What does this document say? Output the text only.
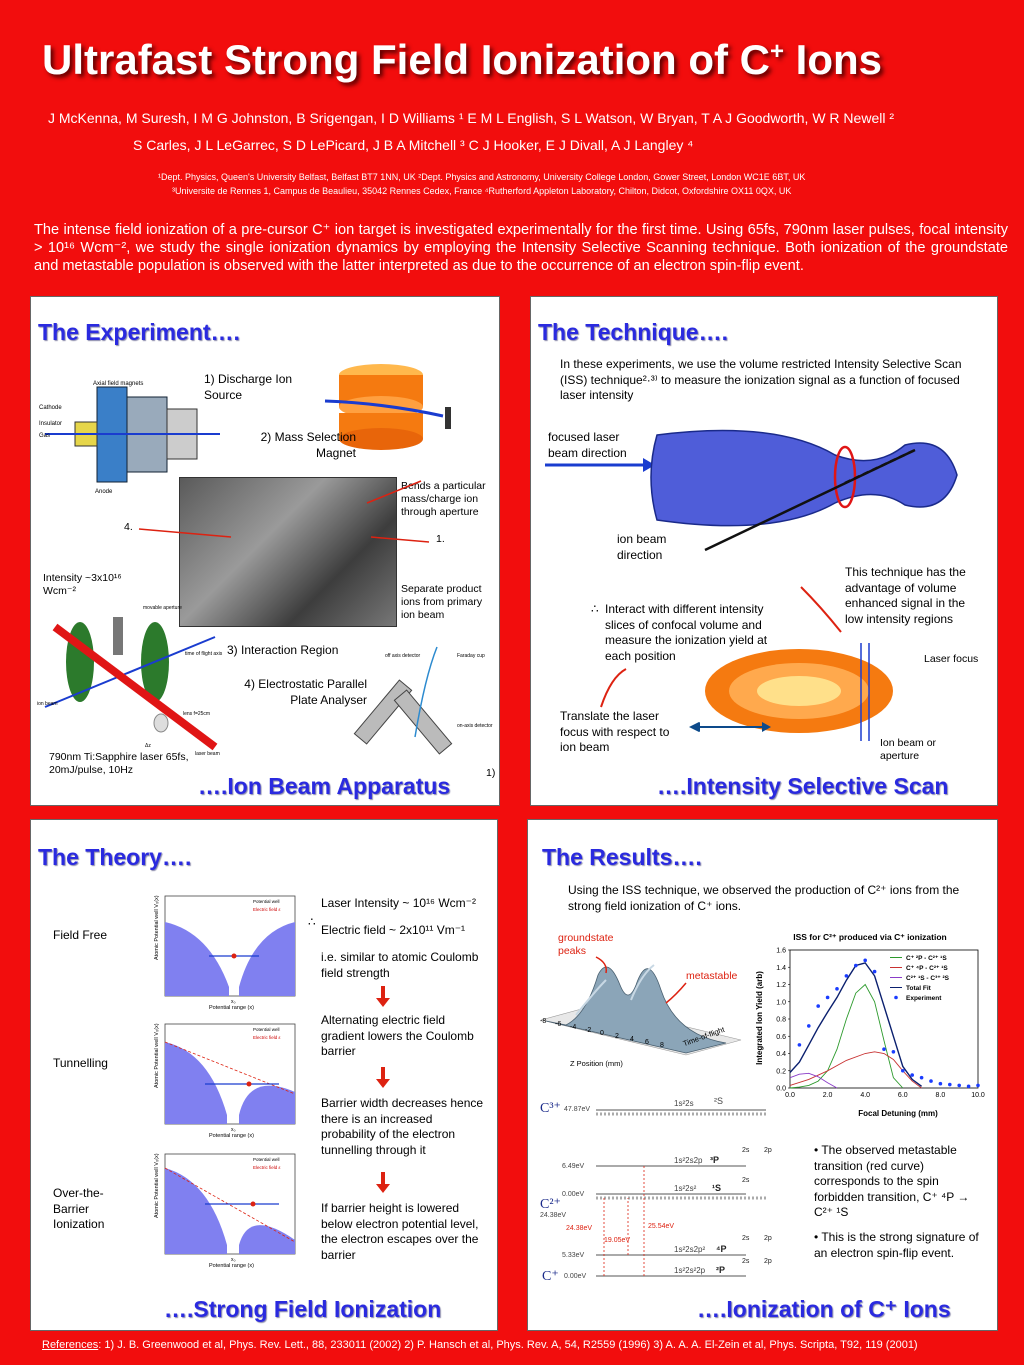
Ultrafast Strong Field Ionization of C+ Ions
J McKenna, M Suresh, I M G Johnston, B Srigengan, I D Williams ¹ E M L English, S L Watson, W Bryan, T A J Goodworth, W R Newell ²
S Carles, J L LeGarrec, S D LePicard, J B A Mitchell ³ C J Hooker, E J Divall, A J Langley ⁴
¹Dept. Physics, Queen's University Belfast, Belfast BT7 1NN, UK ²Dept. Physics and Astronomy, University College London, Gower Street, London WC1E 6BT, UK
³Universite de Rennes 1, Campus de Beaulieu, 35042 Rennes Cedex, France ⁴Rutherford Appleton Laboratory, Chilton, Didcot, Oxfordshire OX11 0QX, UK
The intense field ionization of a pre-cursor C⁺ ion target is investigated experimentally for the first time. Using 65fs, 790nm laser pulses, focal intensity > 10¹⁶ Wcm⁻², we study the single ionization dynamics by employing the Intensity Selective Scanning technique. Both ionization of the groundstate and metastable population is observed with the latter interpreted as due to the occurrence of an electron spin-flip event.
The Experiment….
Cathode
Axial field magnets
Insulator
Gas
Anode
1) Discharge Ion Source
2) Mass Selection Magnet
Bends a particular mass/charge ion through aperture
4.
1.
Separate product ions from primary ion beam
Intensity ~3x10¹⁶ Wcm⁻²
movable aperture
time of flight axis
ion beam
lens f=25cm
Δz
laser beam
3) Interaction Region
4) Electrostatic Parallel Plate Analyser
off axis detector	Faraday cup
on-axis detector
790nm Ti:Sapphire laser 65fs, 20mJ/pulse, 10Hz	1)
….Ion Beam Apparatus
The Technique….
In these experiments, we use the volume restricted Intensity Selective Scan (ISS) technique²·³⁾ to measure the ionization signal as a function of focused laser intensity
focused laser beam direction
ion beam direction
∴ Interact with different intensity slices of confocal volume and measure the ionization yield at each position
This technique has the advantage of volume enhanced signal in the low intensity regions
Laser focus
Translate the laser focus with respect to ion beam	Ion beam or aperture
….Intensity Selective Scan
The Theory….
Field Free
Tunnelling
Over-the-Barrier Ionization
Atomic Potential well V₀(x)
x₀
Potential range (x)
Potential well
Electric field ε
Atomic Potential well V₀(x)
x₀
Potential range (x)
Potential well
Electric field ε
Atomic Potential well V₀(x)
x₀
Potential range (x)
Potential well
Electric field ε
Laser Intensity ~ 10¹⁶ Wcm⁻²
∴
Electric field ~ 2x10¹¹ Vm⁻¹
i.e. similar to atomic Coulomb field strength
Alternating electric field gradient lowers the Coulomb barrier
Barrier width decreases hence there is an increased probability of the electron tunnelling through it
If barrier height is lowered below electron potential level, the electron escapes over the barrier
….Strong Field Ionization
The Results….
Using the ISS technique, we observed the production of C²⁺ ions from the strong field ionization of C⁺ ions.
groundstate peaks
metastable
-8 -6 -4 -2 0 2 4 6 8
Z Position (mm)
Time-of-flight
ISS for C²⁺ produced via C⁺ ionization
Integrated Ion Yield (arb)
Focal Detuning (mm)
0.0
0.2
0.4
0.6
0.8
1.0
1.2
1.4
1.6
0.0	2.0	4.0	6.0	8.0	10.0
C⁺ ²P - C²⁺ ¹S
C⁺ ⁴P - C²⁺ ¹S
C²⁺ ¹S - C³⁺ ²S
Total Fit
Experiment
C³⁺ 47.87eV
1s²2s ²S
6.49eV
1s²2s2p ³P
C²⁺
0.00eV
24.38eV
1s²2s² ¹S
5.33eV
1s²2s2p² ⁴P
C⁺ 0.00eV
1s²2s²2p ²P
24.38eV
19.05eV
25.54eV
2s 2p
2s
2s 2p
2s 2p
• The observed metastable transition (red curve) corresponds to the spin forbidden transition, C⁺ ⁴P → C²⁺ ¹S
• This is the strong signature of an electron spin-flip event.
….Ionization of C⁺ Ions
References: 1) J. B. Greenwood et al, Phys. Rev. Lett., 88, 233011 (2002) 2) P. Hansch et al, Phys. Rev. A, 54, R2559 (1996) 3) A. A. A. El-Zein et al, Phys. Scripta, T92, 119 (2001)
